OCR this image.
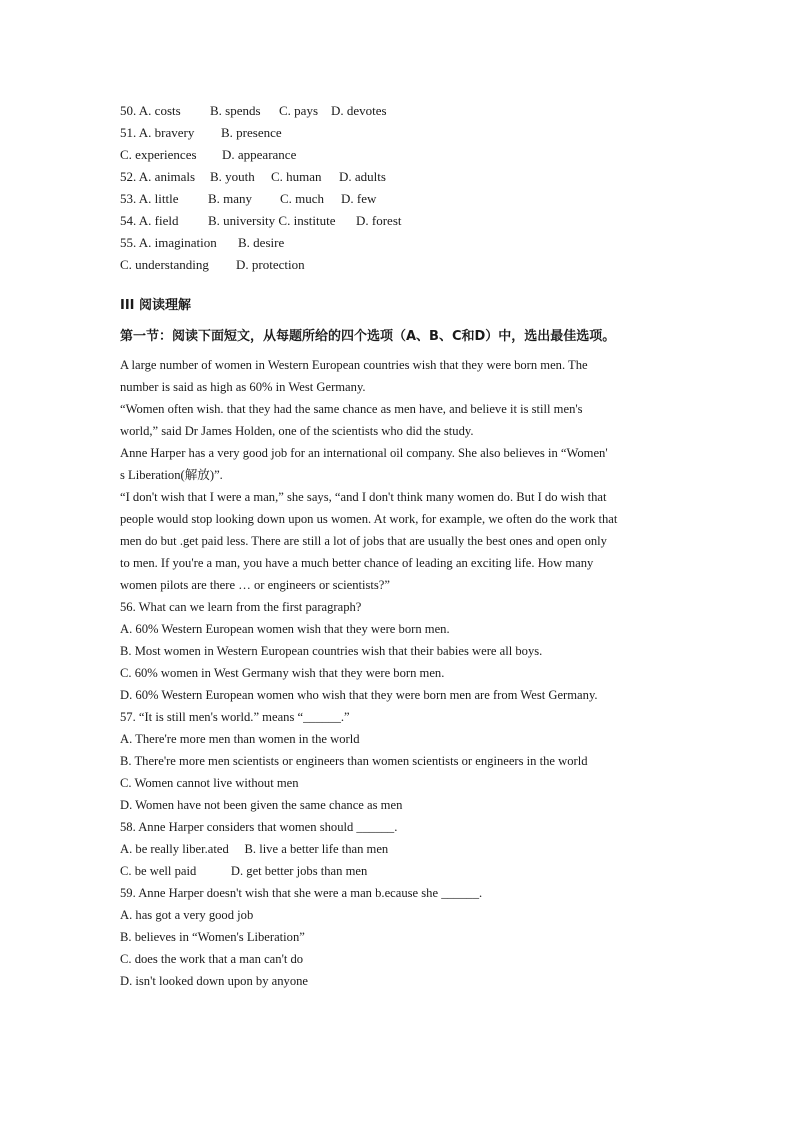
50. A. costs B. spends C. pays D. devotes
51. A. bravery B. presence
C. experiences D. appearance
52. A. animals B. youth C. human D. adults
53. A. little B. many C. much D. few
54. A. field B. university C. institute D. forest
55. A. imagination B. desire
C. understanding D. protection
III 阅读理解
第一节：阅读下面短文，从每题所给的四个选项（A、B、C和D）中，选出最佳选项。
A large number of women in Western European countries wish that they were born men. The
number is said as high as 60% in West Germany.
“Women often wish. that they had the same chance as men have, and believe it is still men's
world,” said Dr James Holden, one of the scientists who did the study.
Anne Harper has a very good job for an international oil company. She also believes in “Women'
s Liberation(解放)”.
“I don't wish that I were a man,” she says, “and I don't think many women do. But I do wish that
people would stop looking down upon us women. At work, for example, we often do the work that
men do but .get paid less. There are still a lot of jobs that are usually the best ones and open only
to men. If you're a man, you have a much better chance of leading an exciting life. How many
women pilots are there … or engineers or scientists?”
56. What can we learn from the first paragraph?
A. 60% Western European women wish that they were born men.
B. Most women in Western European countries wish that their babies were all boys.
C. 60% women in West Germany wish that they were born men.
D. 60% Western European women who wish that they were born men are from West Germany.
57. “It is still men's world.” means “______.”
A. There're more men than women in the world
B. There're more men scientists or engineers than women scientists or engineers in the world
C. Women cannot live without men
D. Women have not been given the same chance as men
58. Anne Harper considers that women should ______.
A. be really liber.ated     B. live a better life than men
C. be well paid           D. get better jobs than men
59. Anne Harper doesn't wish that she were a man b.ecause she ______.
A. has got a very good job
B. believes in “Women's Liberation”
C. does the work that a man can't do
D. isn't looked down upon by anyone
